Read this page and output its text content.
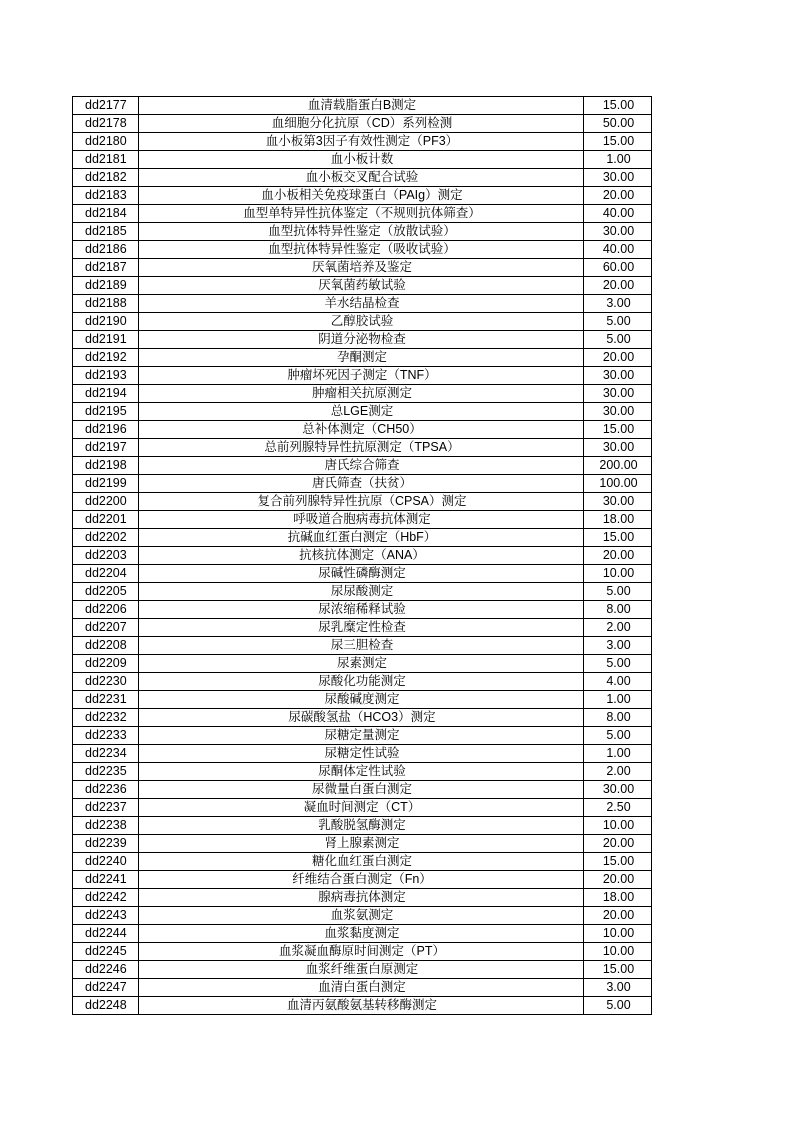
dd2177	血清载脂蛋白B测定	15.00
dd2178	血细胞分化抗原（CD）系列检测	50.00
dd2180	血小板第3因子有效性测定（PF3）	15.00
dd2181	血小板计数	1.00
dd2182	血小板交叉配合试验	30.00
dd2183	血小板相关免疫球蛋白（PAIg）测定	20.00
dd2184	血型单特异性抗体鉴定（不规则抗体筛查）	40.00
dd2185	血型抗体特异性鉴定（放散试验）	30.00
dd2186	血型抗体特异性鉴定（吸收试验）	40.00
dd2187	厌氧菌培养及鉴定	60.00
dd2189	厌氧菌药敏试验	20.00
dd2188	羊水结晶检查	3.00
dd2190	乙醇胶试验	5.00
dd2191	阴道分泌物检查	5.00
dd2192	孕酮测定	20.00
dd2193	肿瘤坏死因子测定（TNF）	30.00
dd2194	肿瘤相关抗原测定	30.00
dd2195	总LGE测定	30.00
dd2196	总补体测定（CH50）	15.00
dd2197	总前列腺特异性抗原测定（TPSA）	30.00
dd2198	唐氏综合筛查	200.00
dd2199	唐氏筛查（扶贫）	100.00
dd2200	复合前列腺特异性抗原（CPSA）测定	30.00
dd2201	呼吸道合胞病毒抗体测定	18.00
dd2202	抗碱血红蛋白测定（HbF）	15.00
dd2203	抗核抗体测定（ANA）	20.00
dd2204	尿碱性磷酶测定	10.00
dd2205	尿尿酸测定	5.00
dd2206	尿浓缩稀释试验	8.00
dd2207	尿乳糜定性检查	2.00
dd2208	尿三胆检查	3.00
dd2209	尿素测定	5.00
dd2230	尿酸化功能测定	4.00
dd2231	尿酸碱度测定	1.00
dd2232	尿碳酸氢盐（HCO3）测定	8.00
dd2233	尿糖定量测定	5.00
dd2234	尿糖定性试验	1.00
dd2235	尿酮体定性试验	2.00
dd2236	尿微量白蛋白测定	30.00
dd2237	凝血时间测定（CT）	2.50
dd2238	乳酸脱氢酶测定	10.00
dd2239	肾上腺素测定	20.00
dd2240	糖化血红蛋白测定	15.00
dd2241	纤维结合蛋白测定（Fn）	20.00
dd2242	腺病毒抗体测定	18.00
dd2243	血浆氨测定	20.00
dd2244	血浆黏度测定	10.00
dd2245	血浆凝血酶原时间测定（PT）	10.00
dd2246	血浆纤维蛋白原测定	15.00
dd2247	血清白蛋白测定	3.00
dd2248	血清丙氨酸氨基转移酶测定	5.00
